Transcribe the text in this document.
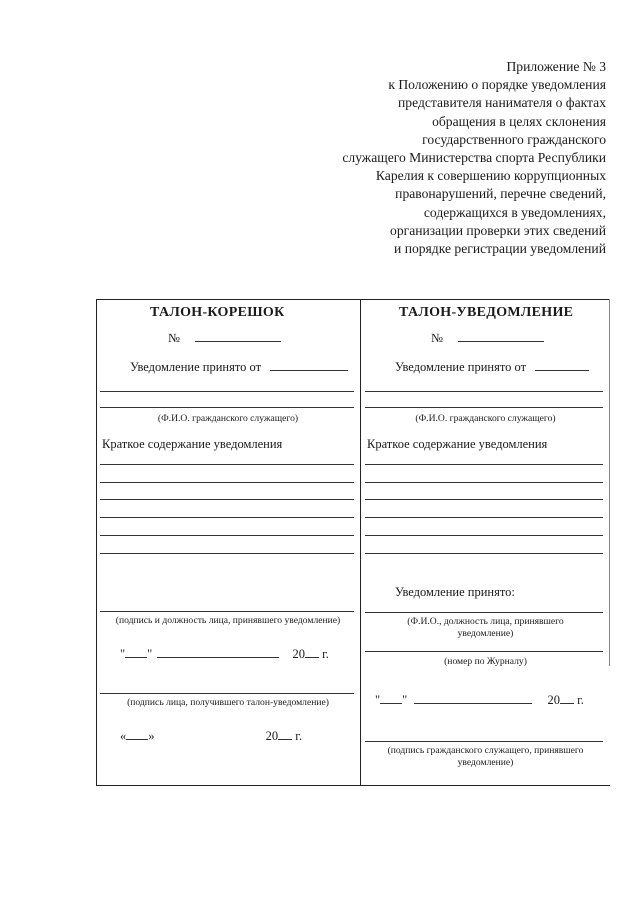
Приложение № 3
к Положению о порядке уведомления
представителя нанимателя о фактах
обращения в целях склонения
государственного гражданского
служащего Министерства спорта Республики
Карелия к совершению коррупционных
правонарушений, перечне сведений,
содержащихся в уведомлениях,
организации проверки этих сведений
и порядке регистрации уведомлений
ТАЛОН-КОРЕШОК
№
Уведомление принято от
(Ф.И.О. гражданского служащего)
Краткое содержание уведомления
(подпись и должность лица, принявшего уведомление)
" "	20 г.
(подпись лица, получившего талон-уведомление)
« »	20 г.
ТАЛОН-УВЕДОМЛЕНИЕ
№
Уведомление принято от
(Ф.И.О. гражданского служащего)
Краткое содержание уведомления
Уведомление принято:
(Ф.И.О., должность лица, принявшего уведомление)
(номер по Журналу)
" "	20 г.
(подпись гражданского служащего, принявшего уведомление)
